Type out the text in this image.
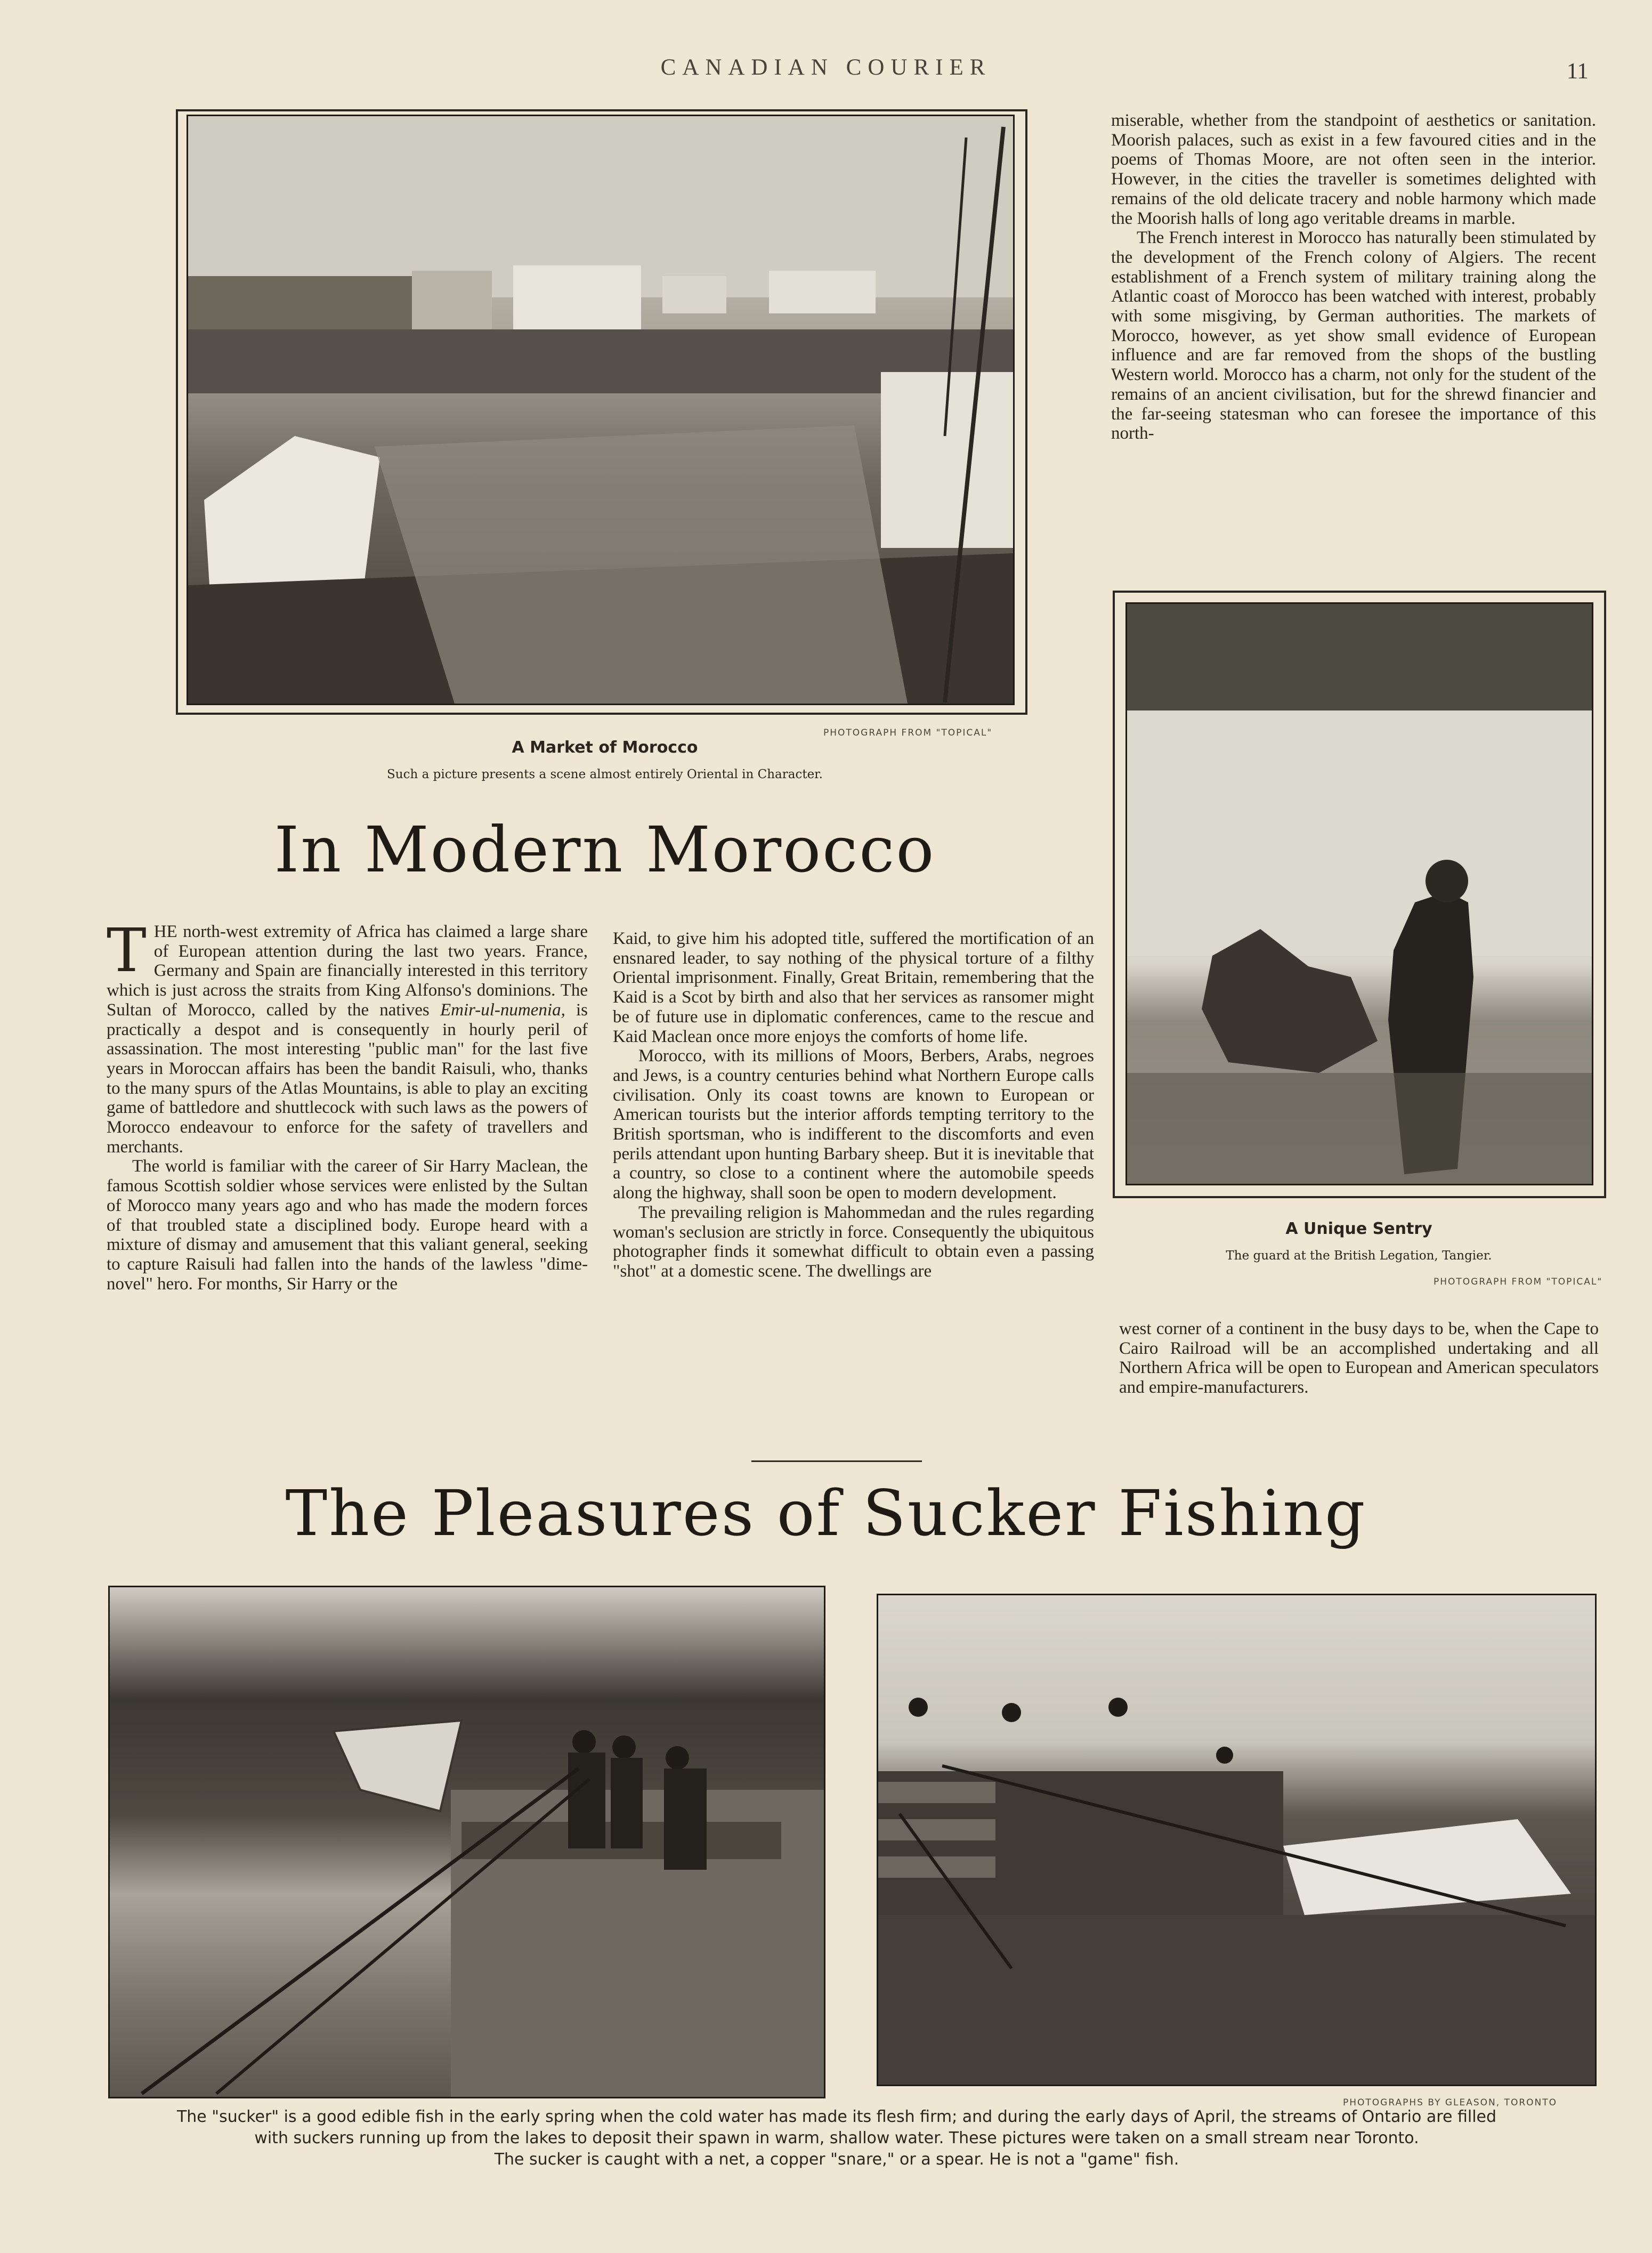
CANADIAN COURIER	11
PHOTOGRAPH FROM "TOPICAL"
A Market of Morocco
Such a picture presents a scene almost entirely Oriental in Character.

miserable, whether from the standpoint of aesthetics or sanitation. Moorish palaces, such as exist in a few favoured cities and in the poems of Thomas Moore, are not often seen in the interior. However, in the cities the traveller is sometimes delighted with remains of the old delicate tracery and noble harmony which made the Moorish halls of long ago veritable dreams in marble.

The French interest in Morocco has naturally been stimulated by the development of the French colony of Algiers. The recent establishment of a French system of military training along the Atlantic coast of Morocco has been watched with interest, probably with some misgiving, by German authorities. The markets of Morocco, however, as yet show small evidence of European influence and are far removed from the shops of the bustling Western world. Morocco has a charm, not only for the student of the remains of an ancient civilisation, but for the shrewd financier and the far-seeing statesman who can foresee the importance of this north-

A Unique Sentry
The guard at the British Legation, Tangier.
PHOTOGRAPH FROM "TOPICAL"
In Modern Morocco

THE north-west extremity of Africa has claimed a large share of European attention during the last two years. France, Germany and Spain are financially interested in this territory which is just across the straits from King Alfonso's dominions. The Sultan of Morocco, called by the natives Emir-ul-numenia, is practically a despot and is consequently in hourly peril of assassination. The most interesting "public man" for the last five years in Moroccan affairs has been the bandit Raisuli, who, thanks to the many spurs of the Atlas Mountains, is able to play an exciting game of battledore and shuttlecock with such laws as the powers of Morocco endeavour to enforce for the safety of travellers and merchants.

The world is familiar with the career of Sir Harry Maclean, the famous Scottish soldier whose services were enlisted by the Sultan of Morocco many years ago and who has made the modern forces of that troubled state a disciplined body. Europe heard with a mixture of dismay and amusement that this valiant general, seeking to capture Raisuli had fallen into the hands of the lawless "dime-novel" hero. For months, Sir Harry or the

Kaid, to give him his adopted title, suffered the mortification of an ensnared leader, to say nothing of the physical torture of a filthy Oriental imprisonment. Finally, Great Britain, remembering that the Kaid is a Scot by birth and also that her services as ransomer might be of future use in diplomatic conferences, came to the rescue and Kaid Maclean once more enjoys the comforts of home life.

Morocco, with its millions of Moors, Berbers, Arabs, negroes and Jews, is a country centuries behind what Northern Europe calls civilisation. Only its coast towns are known to European or American tourists but the interior affords tempting territory to the British sportsman, who is indifferent to the discomforts and even perils attendant upon hunting Barbary sheep. But it is inevitable that a country, so close to a continent where the automobile speeds along the highway, shall soon be open to modern development.

The prevailing religion is Mahommedan and the rules regarding woman's seclusion are strictly in force. Consequently the ubiquitous photographer finds it somewhat difficult to obtain even a passing "shot" at a domestic scene. The dwellings are

west corner of a continent in the busy days to be, when the Cape to Cairo Railroad will be an accomplished undertaking and all Northern Africa will be open to European and American speculators and empire-manufacturers.

The Pleasures of Sucker Fishing
PHOTOGRAPHS BY GLEASON, TORONTO
The "sucker" is a good edible fish in the early spring when the cold water has made its flesh firm; and during the early days of April, the streams of Ontario are filled
with suckers running up from the lakes to deposit their spawn in warm, shallow water. These pictures were taken on a small stream near Toronto.
The sucker is caught with a net, a copper "snare," or a spear. He is not a "game" fish.
